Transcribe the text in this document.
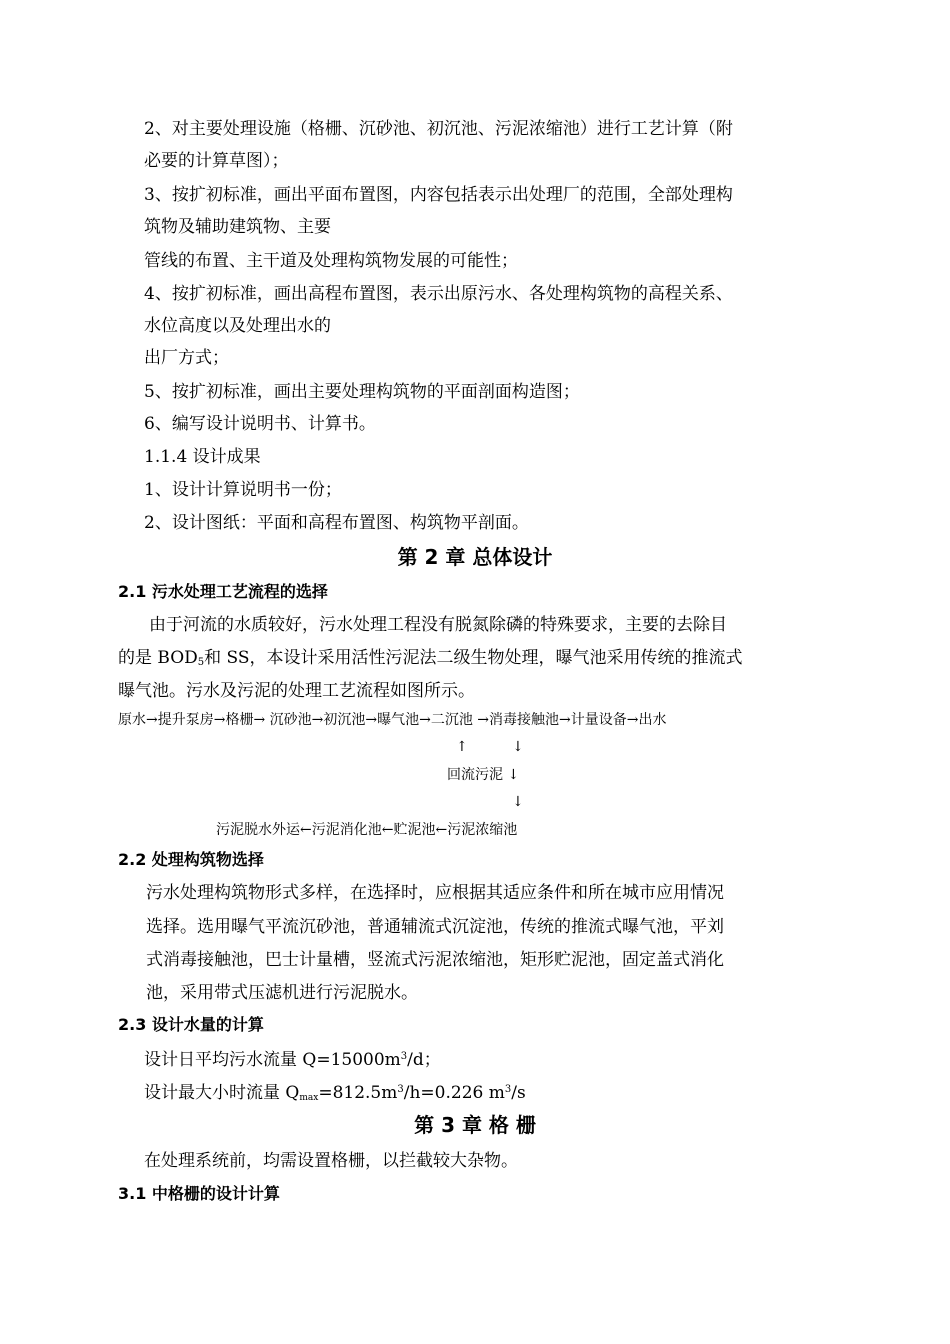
2、对主要处理设施（格栅、沉砂池、初沉池、污泥浓缩池）进行工艺计算（附
必要的计算草图）；
3、按扩初标准，画出平面布置图，内容包括表示出处理厂的范围，全部处理构
筑物及辅助建筑物、主要
管线的布置、主干道及处理构筑物发展的可能性；
4、按扩初标准，画出高程布置图，表示出原污水、各处理构筑物的高程关系、
水位高度以及处理出水的
出厂方式；
5、按扩初标准，画出主要处理构筑物的平面剖面构造图；
6、编写设计说明书、计算书。
1.1.4 设计成果
1、设计计算说明书一份；
2、设计图纸：平面和高程布置图、构筑物平剖面。
第 2 章 总体设计
2.1 污水处理工艺流程的选择
由于河流的水质较好，污水处理工程没有脱氮除磷的特殊要求，主要的去除目
的是 $BOD_5$和 SS，本设计采用活性污泥法二级生物处理，曝气池采用传统的推流式
曝气池。污水及污泥的处理工艺流程如图所示。
原水→提升泵房→格栅→ 沉砂池→初沉池→曝气池→二沉池 →消毒接触池→计量设备→出水
↑	↓
回流污泥 ↓
↓
污泥脱水外运←污泥消化池←贮泥池←污泥浓缩池
2.2 处理构筑物选择
污水处理构筑物形式多样，在选择时，应根据其适应条件和所在城市应用情况
选择。选用曝气平流沉砂池，普通辅流式沉淀池，传统的推流式曝气池，平刘
式消毒接触池，巴士计量槽，竖流式污泥浓缩池，矩形贮泥池，固定盖式消化
池，采用带式压滤机进行污泥脱水。
2.3 设计水量的计算
设计日平均污水流量 $Q=15000m^3/d$；
设计最大小时流量 $Q_{max}=812.5m^3/h=0.226$ $m^3/s$
第 3 章 格 栅
在处理系统前，均需设置格栅，以拦截较大杂物。
3.1 中格栅的设计计算
